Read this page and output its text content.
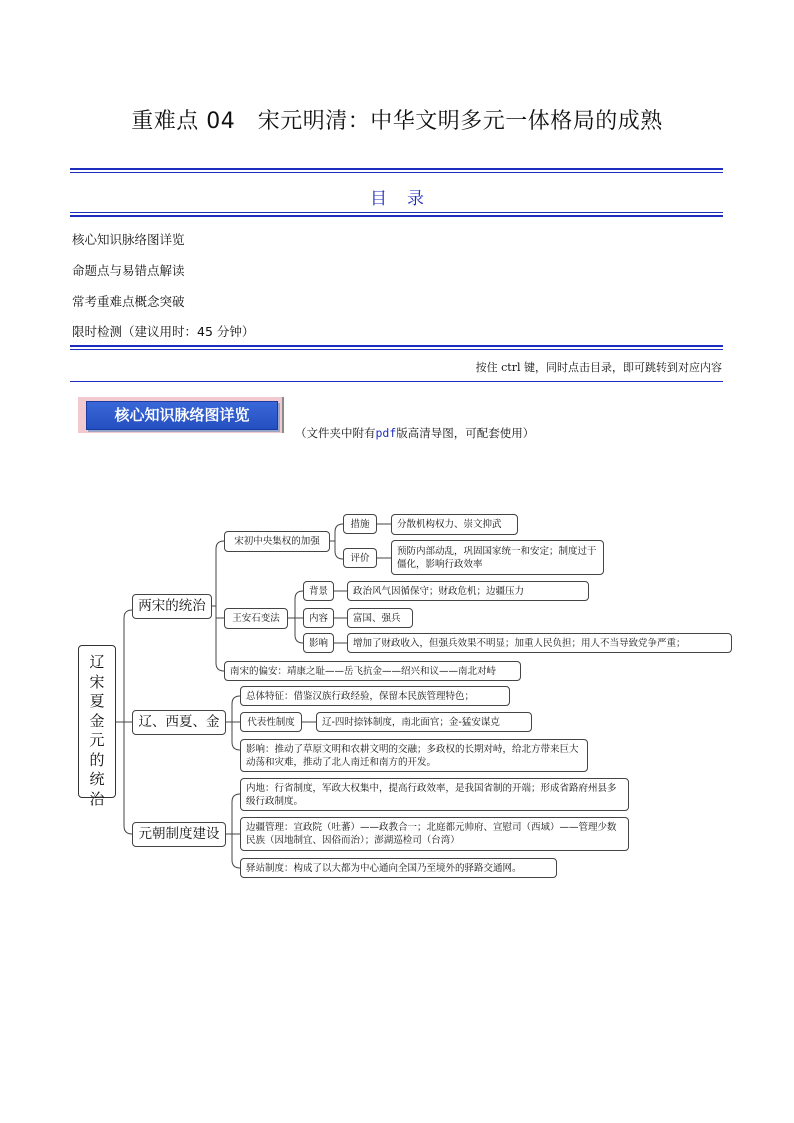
重难点 04　宋元明清：中华文明多元一体格局的成熟
目录
核心知识脉络图详览
命题点与易错点解读
常考重难点概念突破
限时检测（建议用时：45 分钟）
按住 ctrl 键，同时点击目录，即可跳转到对应内容
核心知识脉络图详览
（文件夹中附有pdf版高清导图，可配套使用）
辽
宋
夏
金
元
的
统
治
两宋的统治
宋初中央集权的加强
措施	分散机构权力、崇文抑武
评价
预防内部动乱，巩固国家统一和安定；制度过于僵化，影响行政效率
王安石变法
背景	政治风气因循保守；财政危机；边疆压力
内容	富国、强兵
影响	增加了财政收入，但强兵效果不明显；加重人民负担；用人不当导致党争严重；
南宋的偏安：靖康之耻——岳飞抗金——绍兴和议——南北对峙
辽、西夏、金
总体特征：借鉴汉族行政经验，保留本民族管理特色；
代表性制度	辽-四时捺钵制度，南北面官；金-猛安谋克
影响：推动了草原文明和农耕文明的交融；多政权的长期对峙，给北方带来巨大动荡和灾难，推动了北人南迁和南方的开发。
元朝制度建设
内地：行省制度，军政大权集中，提高行政效率，是我国省制的开端；形成省路府州县多级行政制度。
边疆管理：宣政院（吐蕃）——政教合一；北庭都元帅府、宣慰司（西域）——管理少数民族（因地制宜、因俗而治）；澎湖巡检司（台湾）
驿站制度：构成了以大都为中心通向全国乃至境外的驿路交通网。
